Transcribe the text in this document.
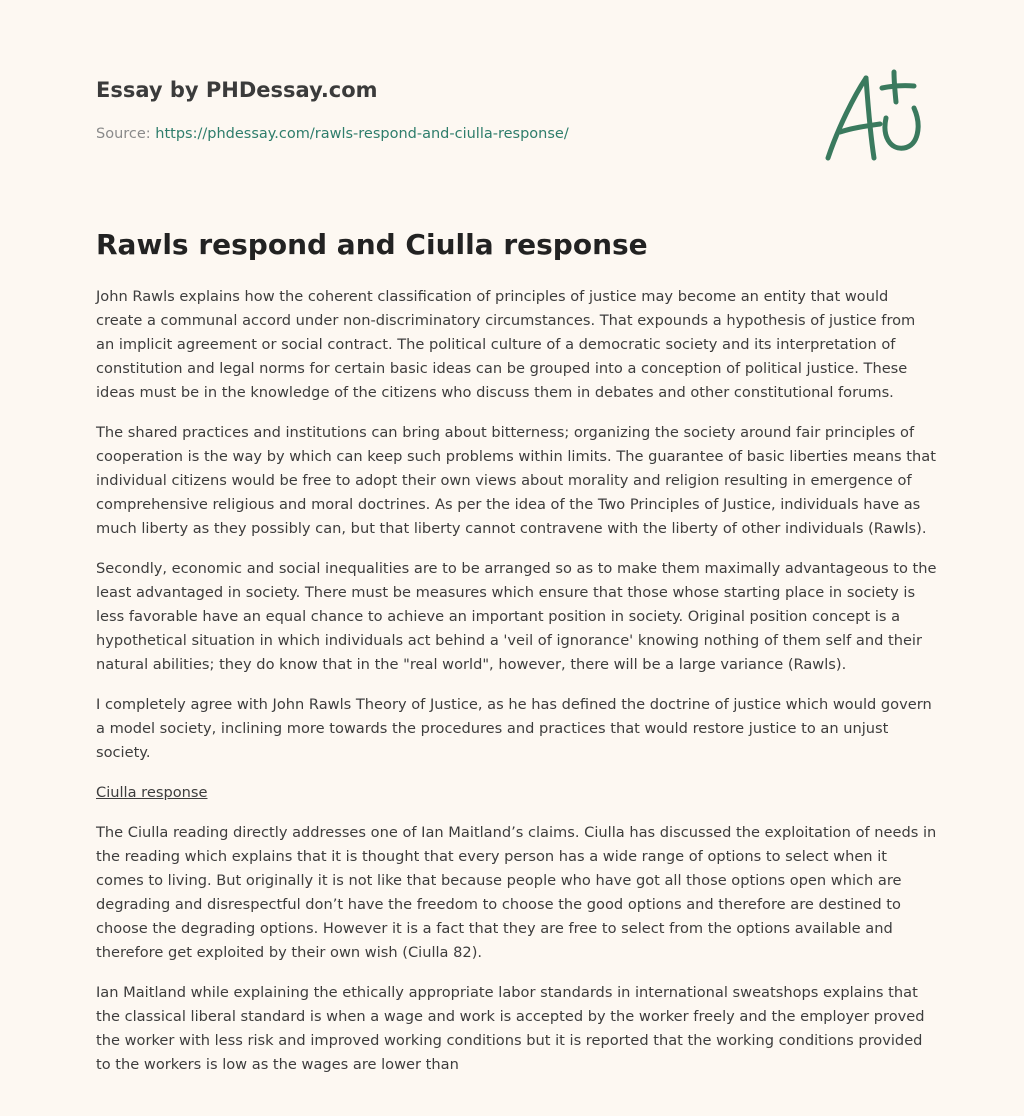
Essay by PHDessay.com
Source: https://phdessay.com/rawls-respond-and-ciulla-response/
Rawls respond and Ciulla response

John Rawls explains how the coherent classification of principles of justice may become an entity that would create a communal accord under non-discriminatory circumstances. That expounds a hypothesis of justice from an implicit agreement or social contract. The political culture of a democratic society and its interpretation of constitution and legal norms for certain basic ideas can be grouped into a conception of political justice. These ideas must be in the knowledge of the citizens who discuss them in debates and other constitutional forums.

The shared practices and institutions can bring about bitterness; organizing the society around fair principles of cooperation is the way by which can keep such problems within limits. The guarantee of basic liberties means that individual citizens would be free to adopt their own views about morality and religion resulting in emergence of comprehensive religious and moral doctrines. As per the idea of the Two Principles of Justice, individuals have as much liberty as they possibly can, but that liberty cannot contravene with the liberty of other individuals (Rawls).

Secondly, economic and social inequalities are to be arranged so as to make them maximally advantageous to the least advantaged in society. There must be measures which ensure that those whose starting place in society is less favorable have an equal chance to achieve an important position in society. Original position concept is a hypothetical situation in which individuals act behind a 'veil of ignorance' knowing nothing of them self and their natural abilities; they do know that in the "real world", however, there will be a large variance (Rawls).

I completely agree with John Rawls Theory of Justice, as he has defined the doctrine of justice which would govern a model society, inclining more towards the procedures and practices that would restore justice to an unjust society.

Ciulla response

The Ciulla reading directly addresses one of Ian Maitland’s claims. Ciulla has discussed the exploitation of needs in the reading which explains that it is thought that every person has a wide range of options to select when it comes to living. But originally it is not like that because people who have got all those options open which are degrading and disrespectful don’t have the freedom to choose the good options and therefore are destined to choose the degrading options. However it is a fact that they are free to select from the options available and therefore get exploited by their own wish (Ciulla 82).

Ian Maitland while explaining the ethically appropriate labor standards in international sweatshops explains that the classical liberal standard is when a wage and work is accepted by the worker freely and the employer proved the worker with less risk and improved working conditions but it is reported that the working conditions provided to the workers is low as the wages are lower than
